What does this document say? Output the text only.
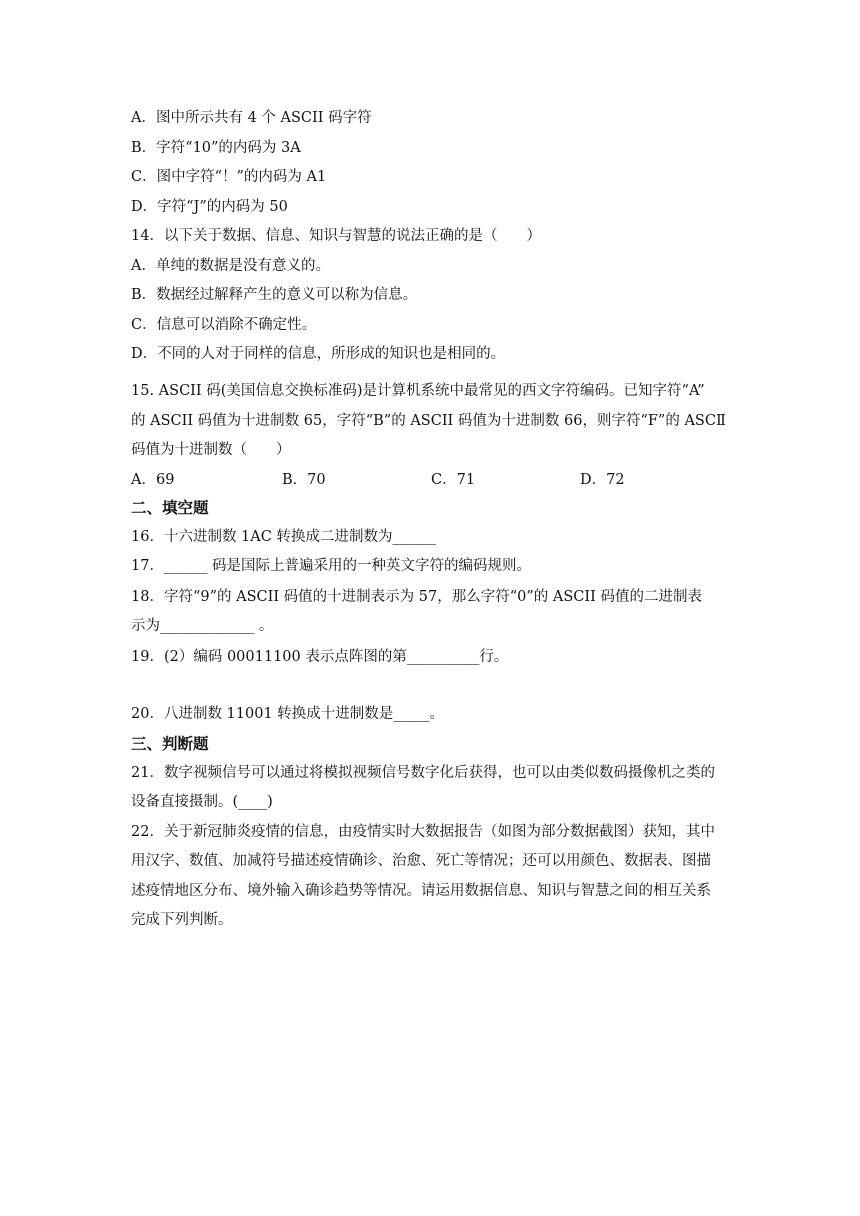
A．图中所示共有 4 个 ASCII 码字符
B．字符“10”的内码为 3A
C．图中字符“！”的内码为 A1
D．字符“J”的内码为 50
14．以下关于数据、信息、知识与智慧的说法正确的是（　　）
A．单纯的数据是没有意义的。
B．数据经过解释产生的意义可以称为信息。
C．信息可以消除不确定性。
D．不同的人对于同样的信息，所形成的知识也是相同的。
15. ASCII 码(美国信息交换标准码)是计算机系统中最常见的西文字符编码。已知字符“A”
的 ASCII 码值为十进制数 65，字符“B”的 ASCII 码值为十进制数 66，则字符“F”的 ASCⅡ
码值为十进制数（　　）
A．69	B．70	C．71	D．72
二、填空题
16．十六进制数 1AC 转换成二进制数为______
17．______ 码是国际上普遍采用的一种英文字符的编码规则。
18．字符“9”的 ASCII 码值的十进制表示为 57，那么字符“0”的 ASCII 码值的二进制表
示为_____________ 。
19．(2）编码 00011100 表示点阵图的第__________行。
20．八进制数 11001 转换成十进制数是_____。
三、判断题
21．数字视频信号可以通过将模拟视频信号数字化后获得，也可以由类似数码摄像机之类的
设备直接摄制。(____)
22．关于新冠肺炎疫情的信息，由疫情实时大数据报告（如图为部分数据截图）获知，其中
用汉字、数值、加减符号描述疫情确诊、治愈、死亡等情况；还可以用颜色、数据表、图描
述疫情地区分布、境外输入确诊趋势等情况。请运用数据信息、知识与智慧之间的相互关系
完成下列判断。
